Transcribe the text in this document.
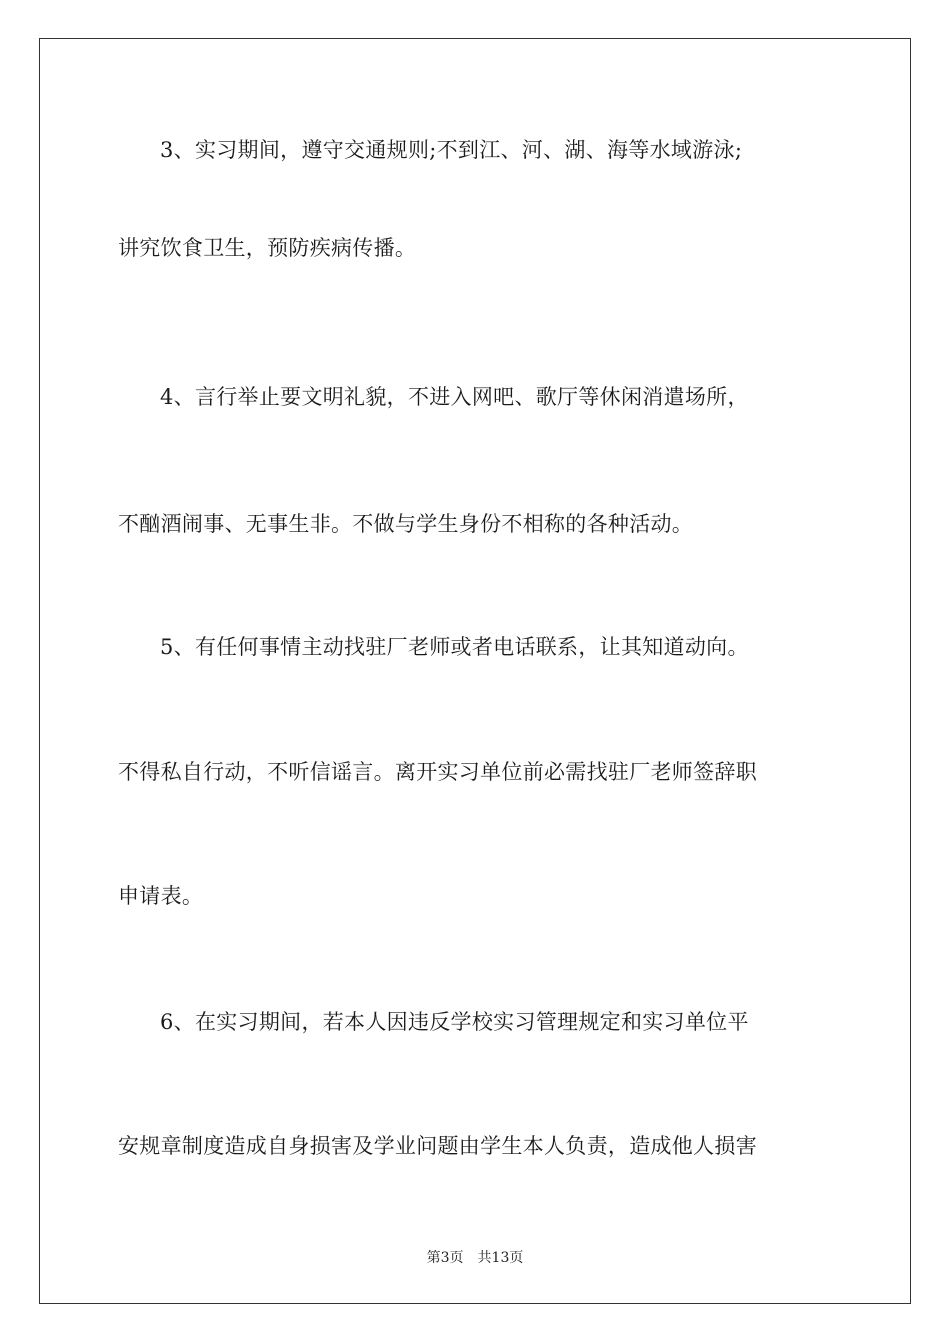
3、实习期间，遵守交通规则;不到江、河、湖、海等水域游泳;
讲究饮食卫生，预防疾病传播。
4、言行举止要文明礼貌，不进入网吧、歌厅等休闲消遣场所，
不酗酒闹事、无事生非。不做与学生身份不相称的各种活动。
5、有任何事情主动找驻厂老师或者电话联系，让其知道动向。
不得私自行动，不听信谣言。离开实习单位前必需找驻厂老师签辞职
申请表。
6、在实习期间，若本人因违反学校实习管理规定和实习单位平
安规章制度造成自身损害及学业问题由学生本人负责，造成他人损害
第3页　共13页
